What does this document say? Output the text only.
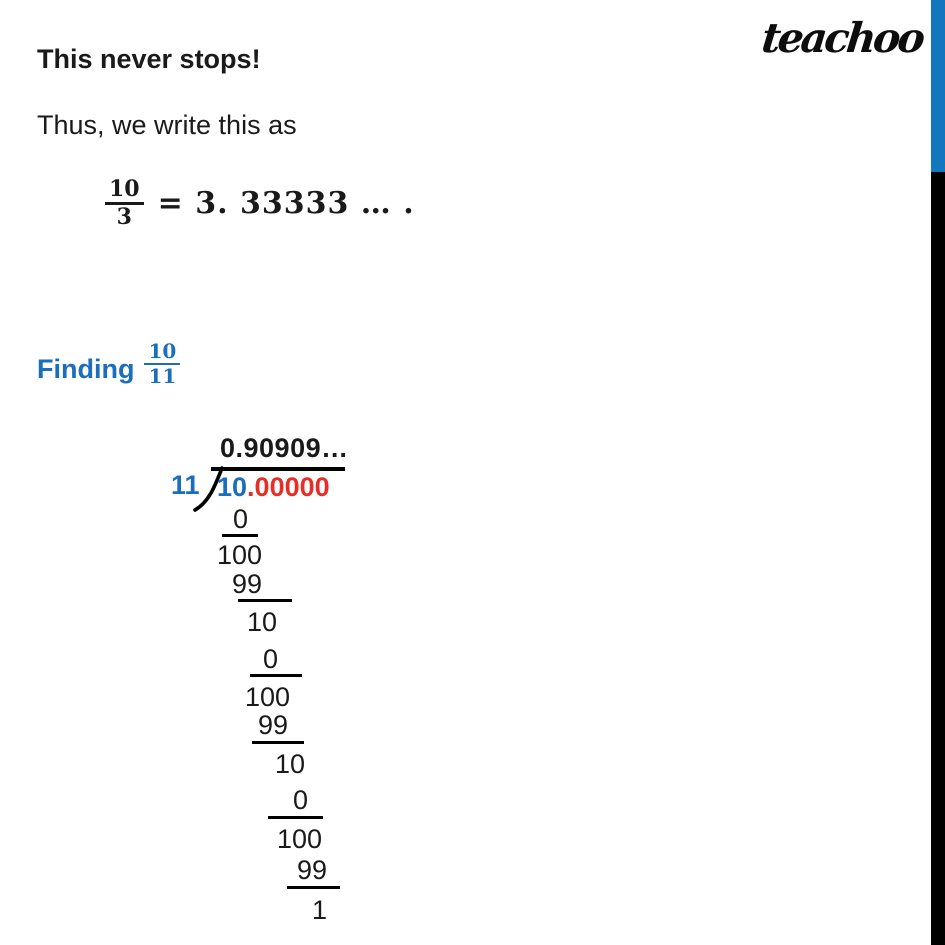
teachoo
This never stops!
Thus, we write this as
$\frac{10}{3} = 3$. 33333 … .
Finding $\frac{10}{11}$
0.90909…
11 10.00000
0
100
99
10
0
100
99
10
0
100
99
1
